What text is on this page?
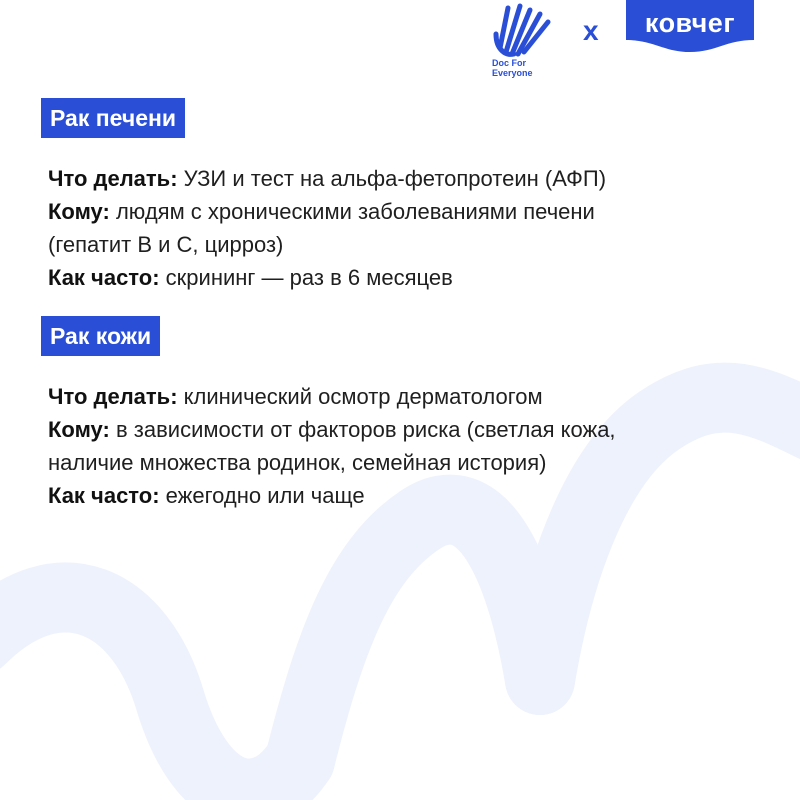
Doc For
Everyone
x	ковчег
Рак печени
Что делать: УЗИ и тест на альфа-фетопротеин (АФП)
Кому: людям с хроническими заболеваниями печени
(гепатит В и С, цирроз)
Как часто: скрининг — раз в 6 месяцев
Рак кожи
Что делать: клинический осмотр дерматологом
Кому: в зависимости от факторов риска (светлая кожа,
наличие множества родинок, семейная история)
Как часто: ежегодно или чаще
